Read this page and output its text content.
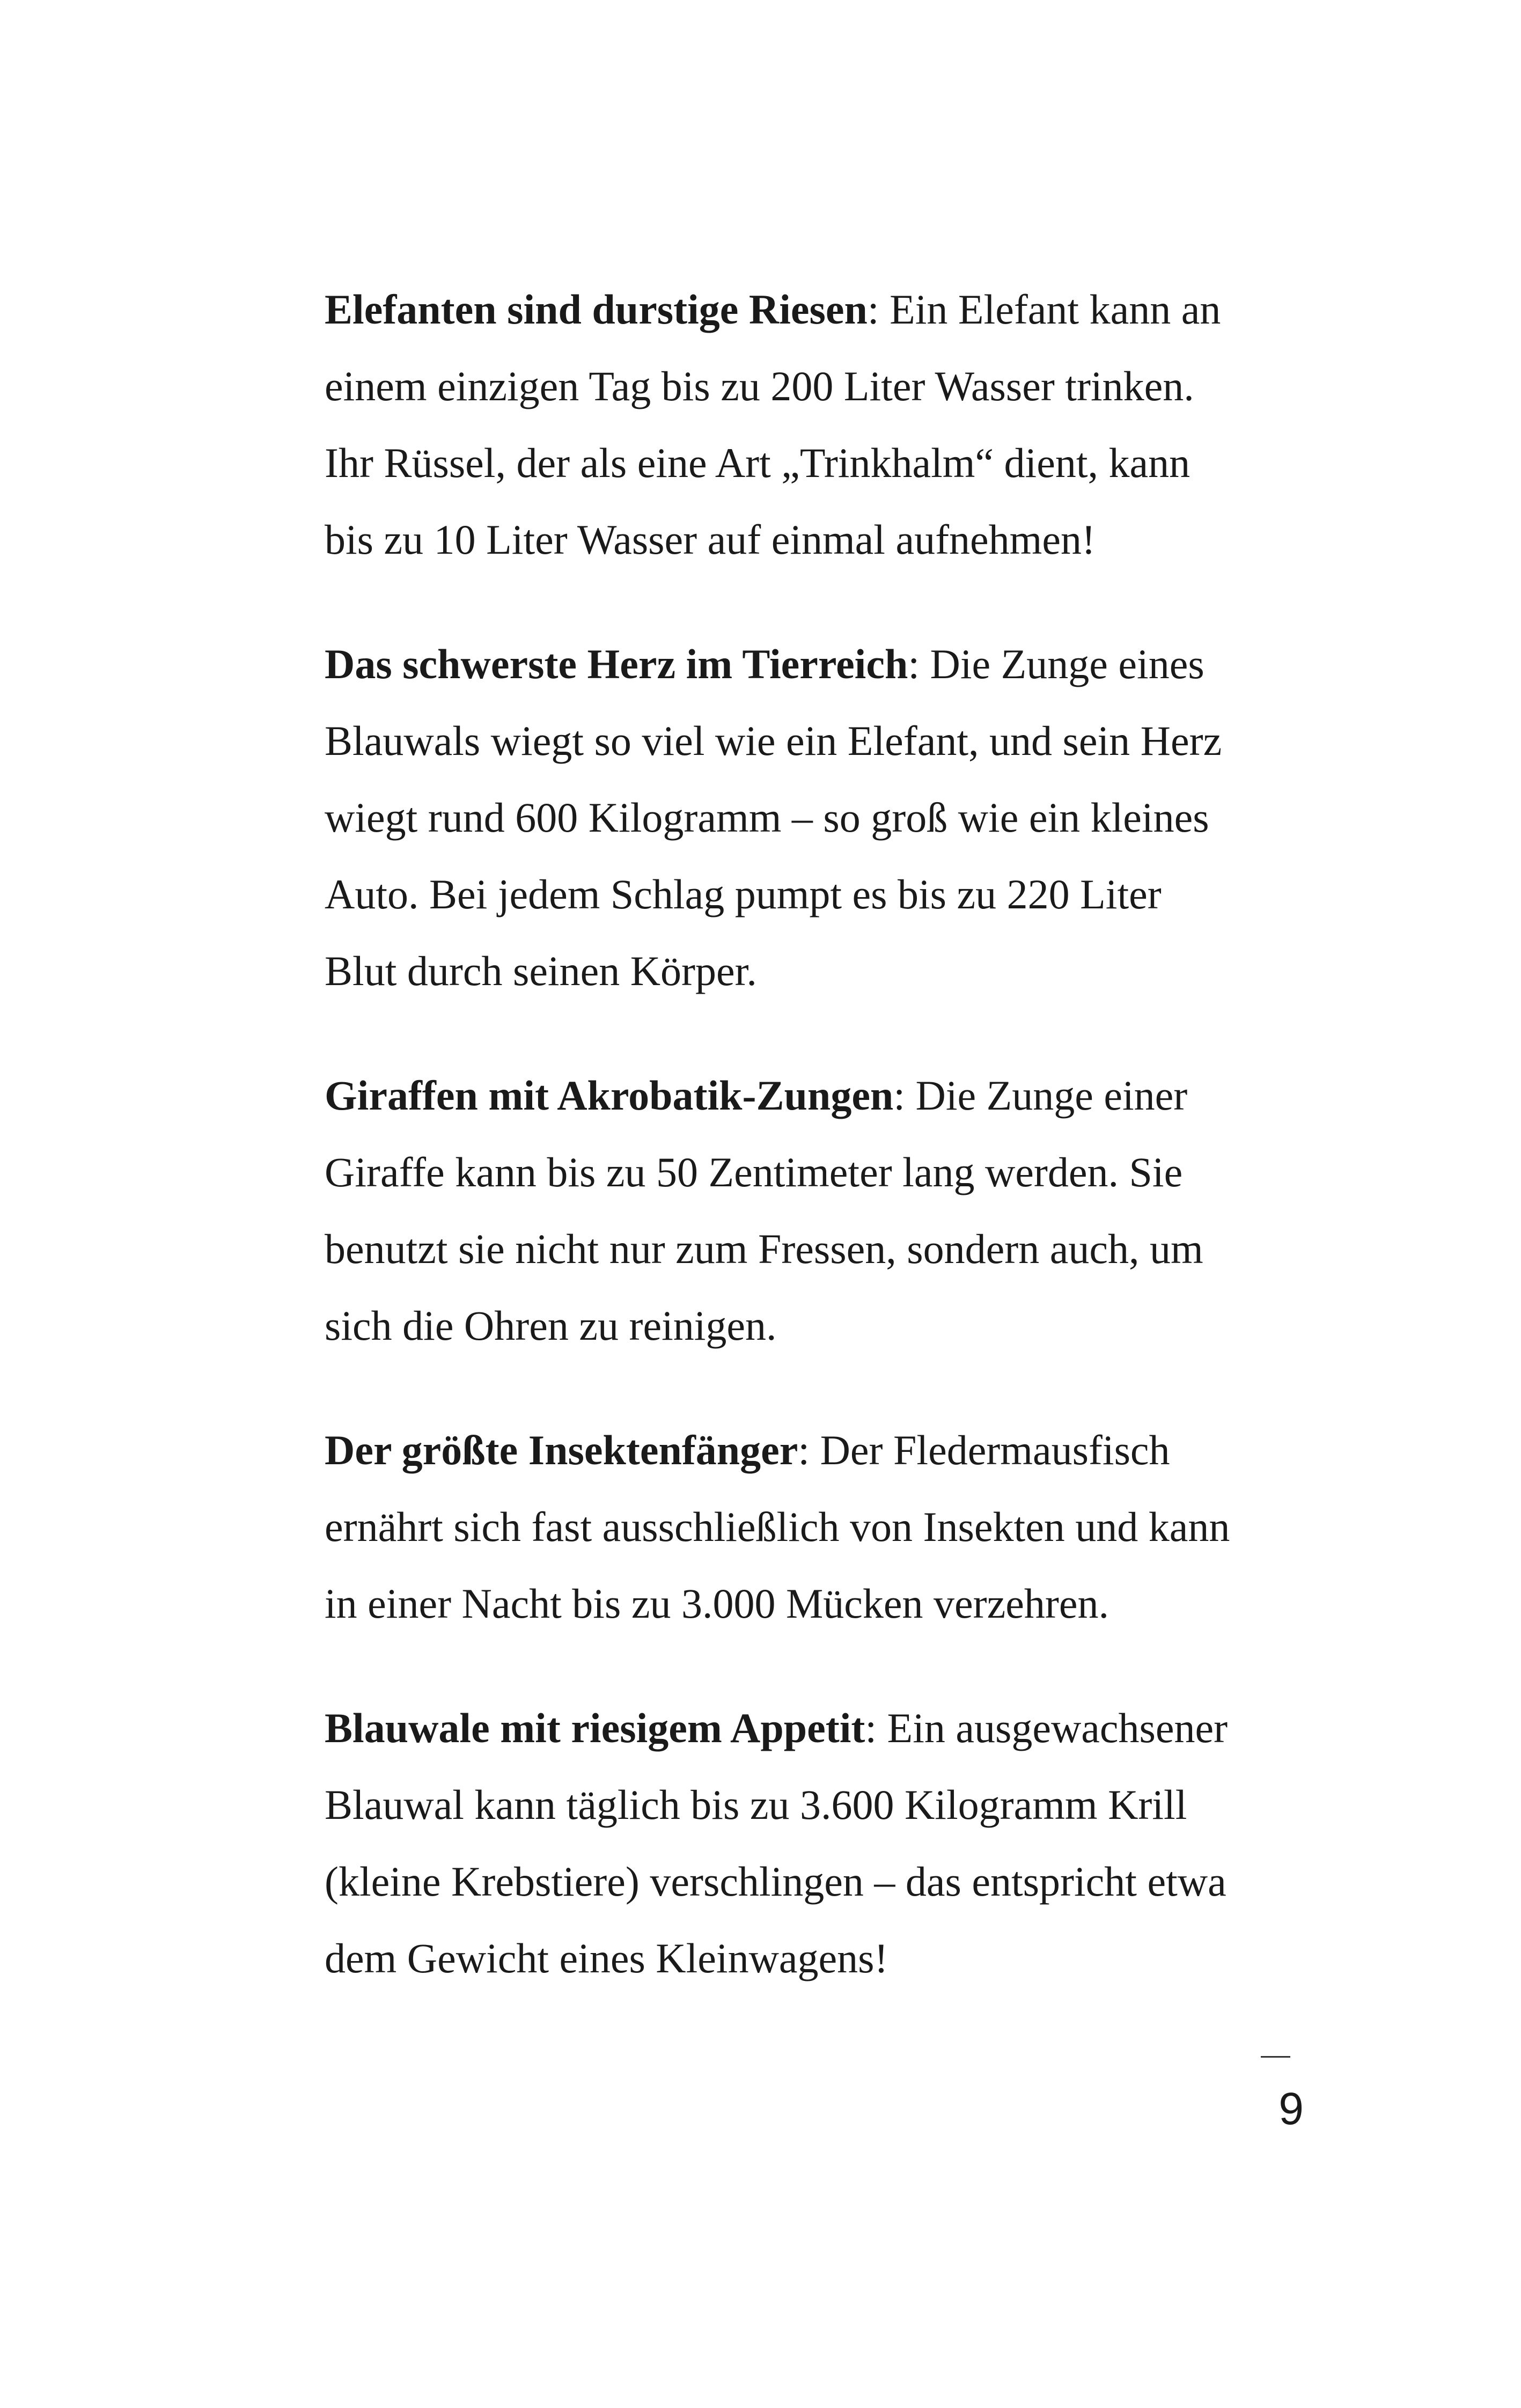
Elefanten sind durstige Riesen: Ein Elefant kann an
einem einzigen Tag bis zu 200 Liter Wasser trinken.
Ihr Rüssel, der als eine Art „Trinkhalm“ dient, kann
bis zu 10 Liter Wasser auf einmal aufnehmen!

Das schwerste Herz im Tierreich: Die Zunge eines
Blauwals wiegt so viel wie ein Elefant, und sein Herz
wiegt rund 600 Kilogramm – so groß wie ein kleines
Auto. Bei jedem Schlag pumpt es bis zu 220 Liter
Blut durch seinen Körper.

Giraffen mit Akrobatik-Zungen: Die Zunge einer
Giraffe kann bis zu 50 Zentimeter lang werden. Sie
benutzt sie nicht nur zum Fressen, sondern auch, um
sich die Ohren zu reinigen.

Der größte Insektenfänger: Der Fledermausfisch
ernährt sich fast ausschließlich von Insekten und kann
in einer Nacht bis zu 3.000 Mücken verzehren.

Blauwale mit riesigem Appetit: Ein ausgewachsener
Blauwal kann täglich bis zu 3.600 Kilogramm Krill
(kleine Krebstiere) verschlingen – das entspricht etwa
dem Gewicht eines Kleinwagens!

9
